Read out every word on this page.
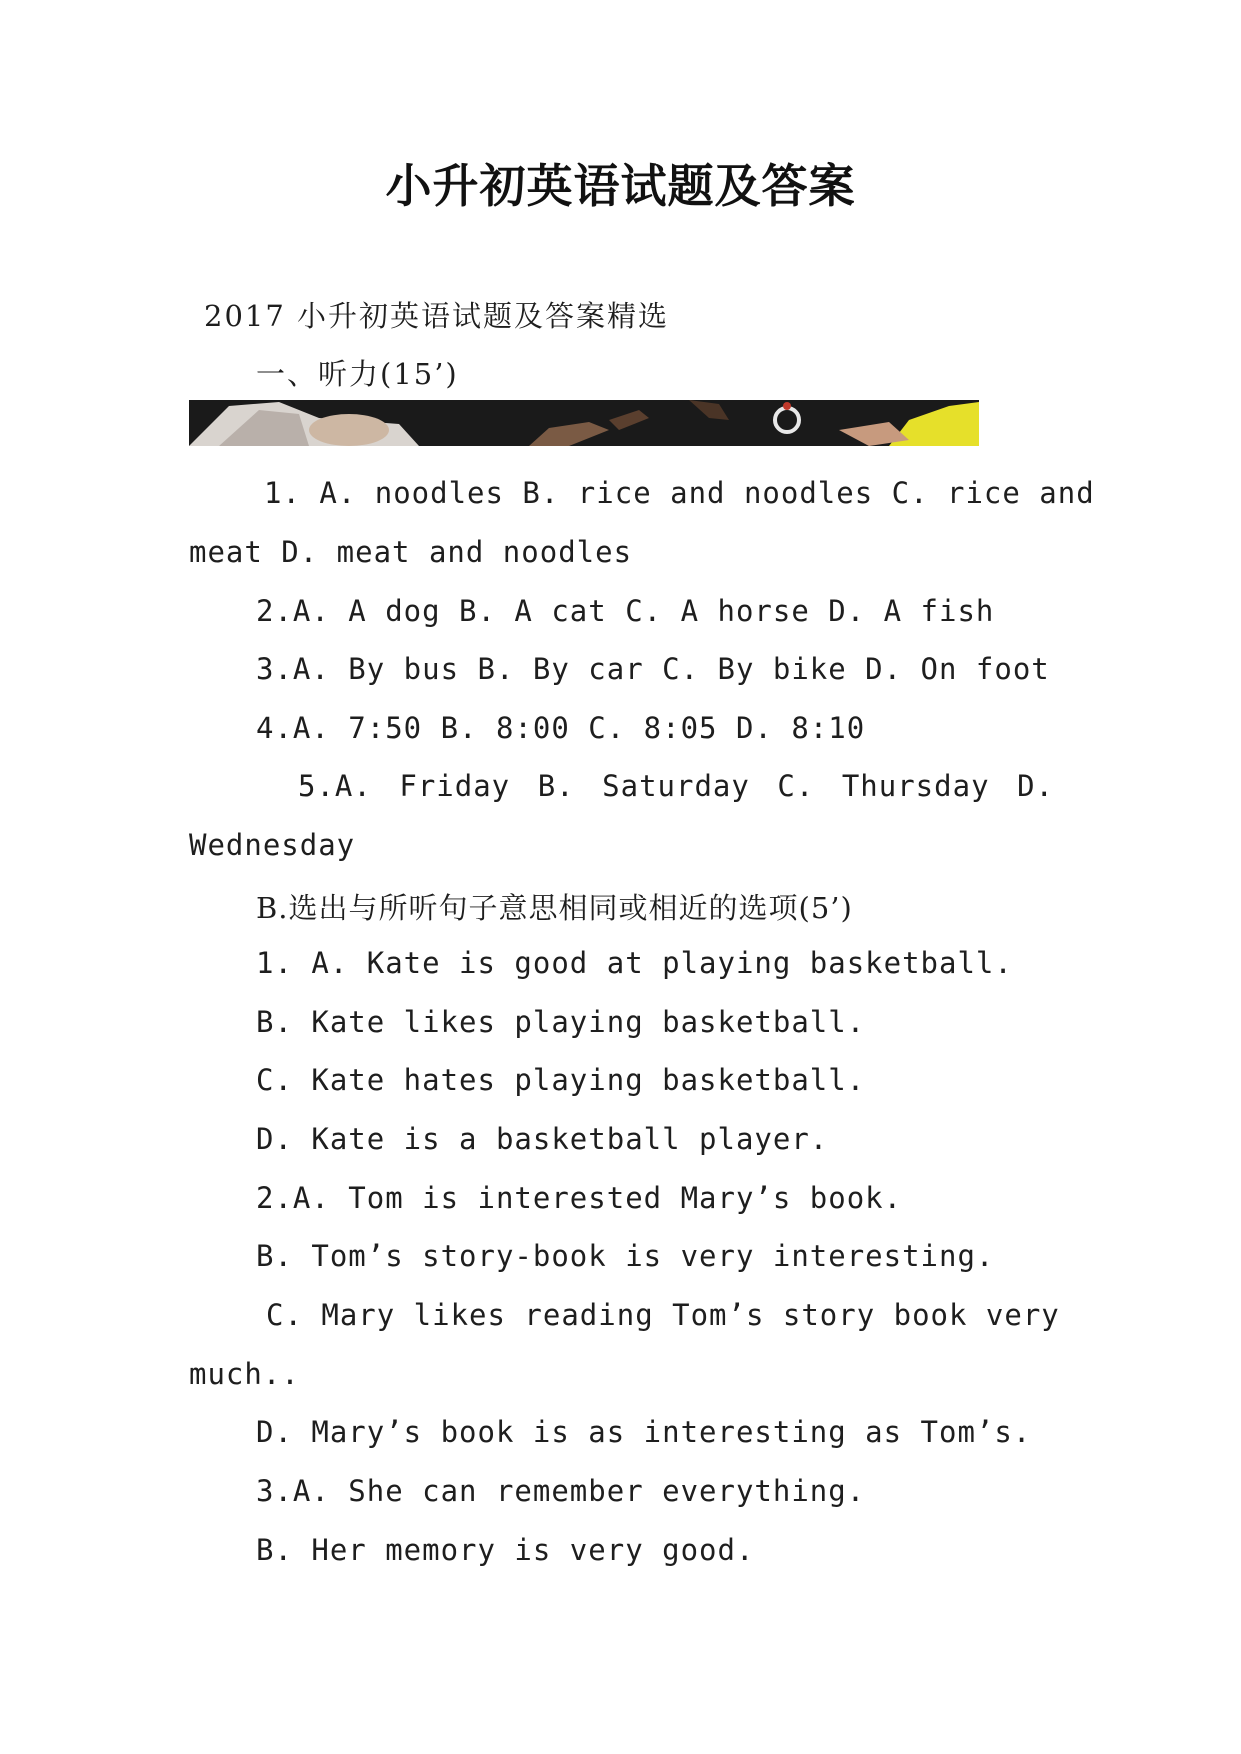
小升初英语试题及答案
2017 小升初英语试题及答案精选
一、听力(15’)
1. A. noodles B. rice and noodles C. rice and
meat D. meat and noodles
2.A. A dog B. A cat C. A horse D. A fish
3.A. By bus B. By car C. By bike D. On foot
4.A. 7:50 B. 8:00 C. 8:05 D. 8:10
5.A. Friday B. Saturday C. Thursday D.
Wednesday
B.选出与所听句子意思相同或相近的选项(5’)
1. A. Kate is good at playing basketball.
B. Kate likes playing basketball.
C. Kate hates playing basketball.
D. Kate is a basketball player.
2.A. Tom is interested Mary’s book.
B. Tom’s story-book is very interesting.
C. Mary likes reading Tom’s story book very
much..
D. Mary’s book is as interesting as Tom’s.
3.A. She can remember everything.
B. Her memory is very good.
